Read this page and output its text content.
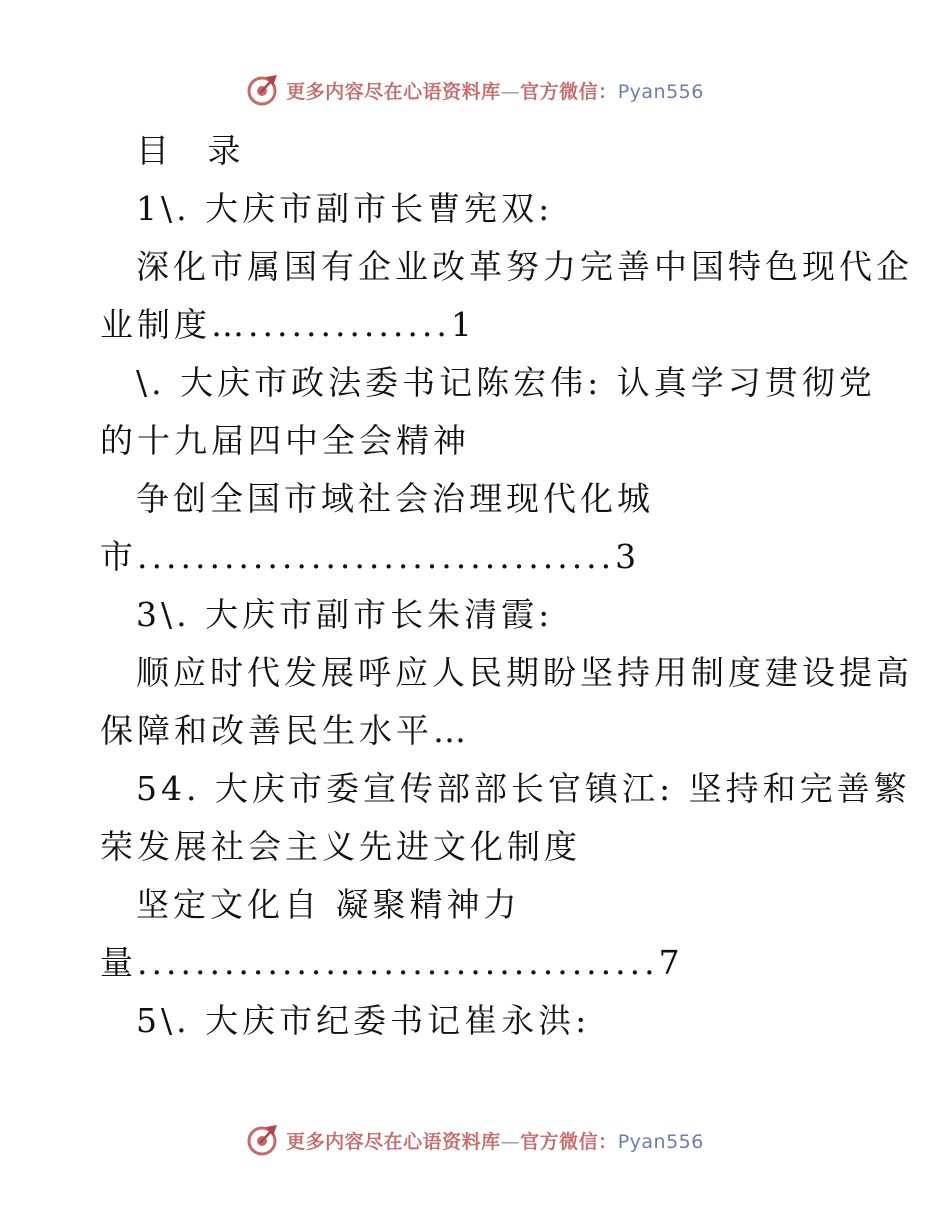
更多内容尽在心语资料库—官方微信：Pyan556
目 录
1\. 大庆市副市长曹宪双:
深化市属国有企业改革努力完善中国特色现代企
业制度…..............1
\. 大庆市政法委书记陈宏伟: 认真学习贯彻党
的十九届四中全会精神
争创全国市域社会治理现代化城
市.................................3
3\. 大庆市副市长朱清霞:
顺应时代发展呼应人民期盼坚持用制度建设提高
保障和改善民生水平…
54. 大庆市委宣传部部长官镇江: 坚持和完善繁
荣发展社会主义先进文化制度
坚定文化自 凝聚精神力
量....................................7
5\. 大庆市纪委书记崔永洪:
更多内容尽在心语资料库—官方微信：Pyan556
